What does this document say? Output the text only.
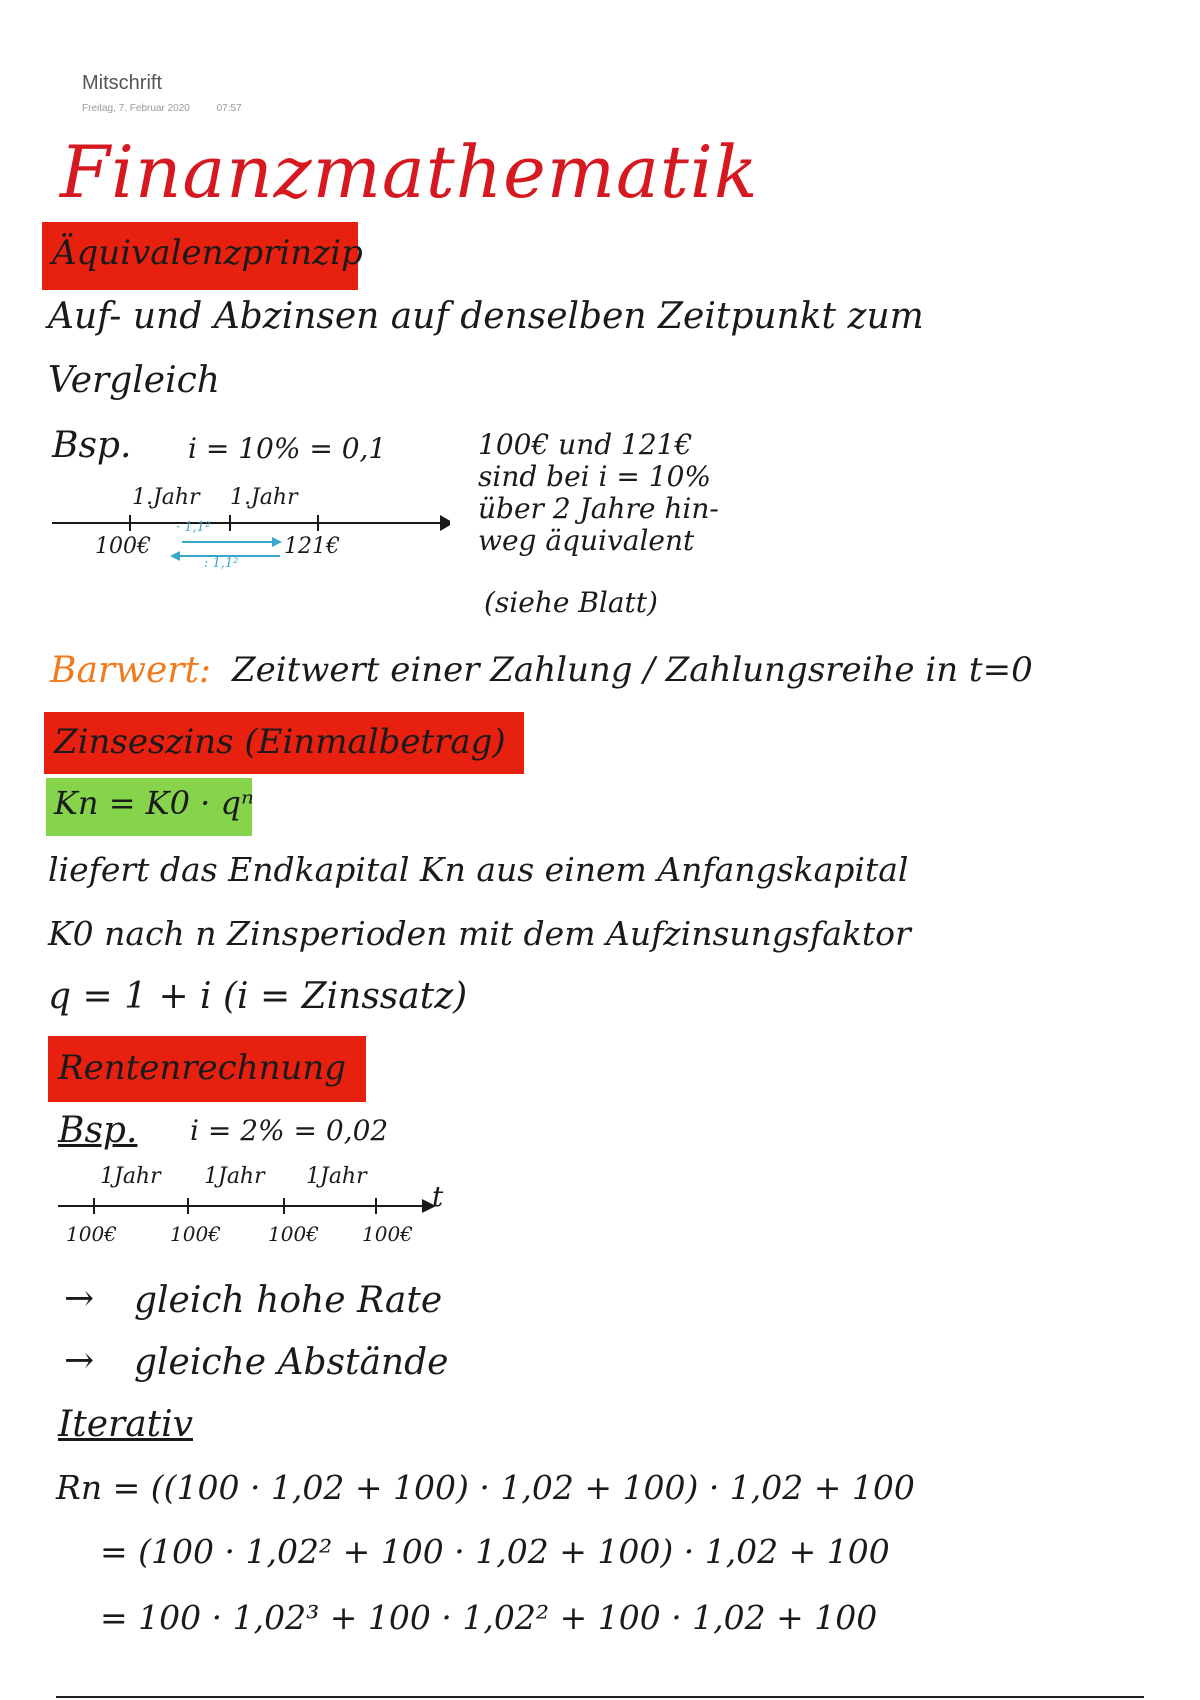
Mitschrift
Freitag, 7. Februar 2020	07:57
Finanzmathematik
Äquivalenzprinzip
Auf- und Abzinsen auf denselben Zeitpunkt zum
Vergleich
Bsp. i = 10% = 0,1
1.Jahr 1.Jahr
· 1,1²
: 1,1²
100€	121€
100€ und 121€
sind bei i = 10%
über 2 Jahre hin-
weg äquivalent
(siehe Blatt)
Barwert: Zeitwert einer Zahlung / Zahlungsreihe in t=0
Zinseszins (Einmalbetrag)
Kn = K0 · qⁿ
liefert das Endkapital Kn aus einem Anfangskapital
K0 nach n Zinsperioden mit dem Aufzinsungsfaktor
q = 1 + i (i = Zinssatz)
Rentenrechnung
Bsp. i = 2% = 0,02
1Jahr 1Jahr 1Jahr
t
100€	100€ 100€ 100€
→ gleich hohe Rate
→ gleiche Abstände
Iterativ
Rn = ((100 · 1,02 + 100) · 1,02 + 100) · 1,02 + 100
= (100 · 1,02² + 100 · 1,02 + 100) · 1,02 + 100
= 100 · 1,02³ + 100 · 1,02² + 100 · 1,02 + 100
